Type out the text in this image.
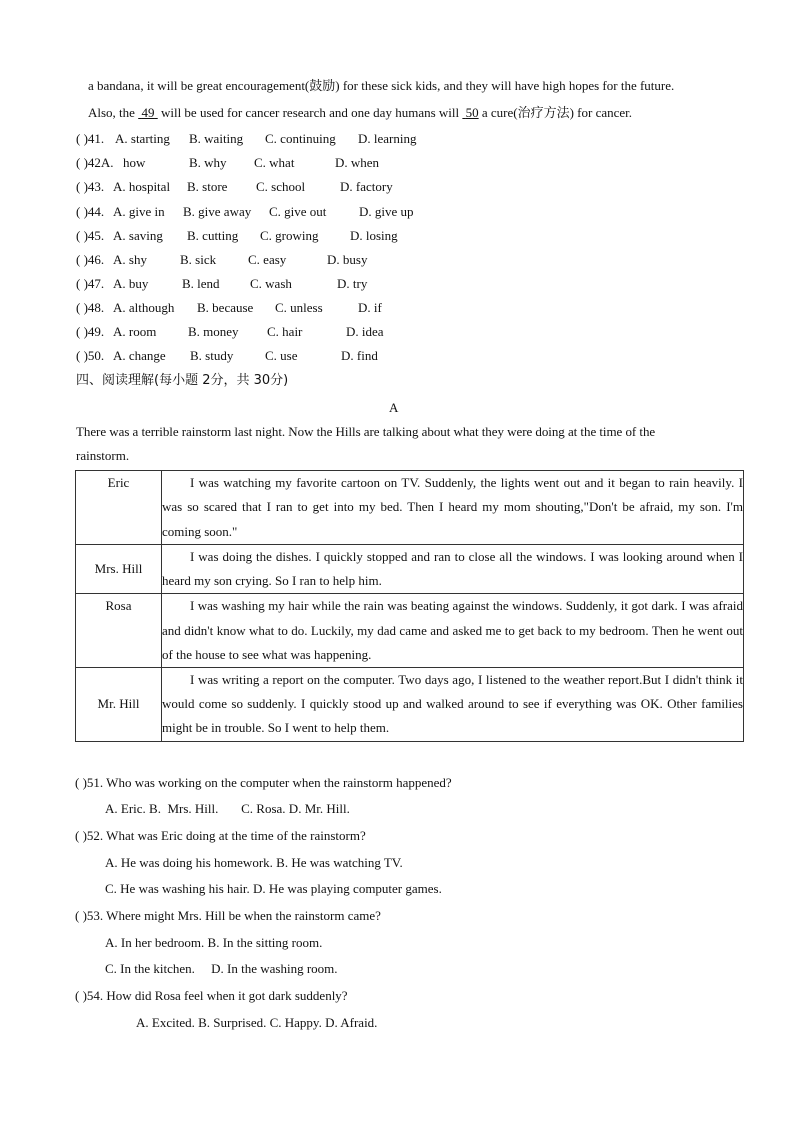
a bandana, it will be great encouragement(鼓励) for these sick kids, and they will have high hopes for the future.
Also, the  49  will be used for cancer research and one day humans will  50 a cure(治疗方法) for cancer.
( )41. A. starting B. waiting C. continuing D. learning
( )42A. how	B. why C. what	D. when
( )43. A. hospital B. store C. school	D. factory
( )44. A. give in B. give away C. give out	D. give up
( )45. A. saving B. cutting C. growing D. losing
( )46. A. shy	B. sick C. easy	D. busy
( )47. A. buy	B. lend C. wash	D. try
( )48. A. although B. because C. unless	D. if
( )49. A. room B. money C. hair	D. idea
( )50. A. change B. study C. use	D. find
四、阅读理解(每小题 2分，共 30分)
A
There was a terrible rainstorm last night. Now the Hills are talking about what they were doing at the time of the
rainstorm.
Eric	I was watching my favorite cartoon on TV. Suddenly, the lights went out and it began to rain heavily. I was so scared that I ran to get into my bed. Then I heard my mom shouting,"Don't be afraid, my son. I'm coming soon."
Mrs. Hill	I was doing the dishes. I quickly stopped and ran to close all the windows. I was looking around when I heard my son crying. So I ran to help him.
Rosa	I was washing my hair while the rain was beating against the windows. Suddenly, it got dark. I was afraid and didn't know what to do. Luckily, my dad came and asked me to get back to my bedroom. Then he went out of the house to see what was happening.
Mr. Hill	I was writing a report on the computer. Two days ago, I listened to the weather report.But I didn't think it would come so suddenly. I quickly stood up and walked around to see if everything was OK. Other families might be in trouble. So I went to help them.
( )51. Who was working on the computer when the rainstorm happened?
A. Eric. B.  Mrs. Hill.       C. Rosa. D. Mr. Hill.
( )52. What was Eric doing at the time of the rainstorm?
A. He was doing his homework. B. He was watching TV.
C. He was washing his hair. D. He was playing computer games.
( )53. Where might Mrs. Hill be when the rainstorm came?
A. In her bedroom. B. In the sitting room.
C. In the kitchen.     D. In the washing room.
( )54. How did Rosa feel when it got dark suddenly?
A. Excited. B. Surprised. C. Happy. D. Afraid.
